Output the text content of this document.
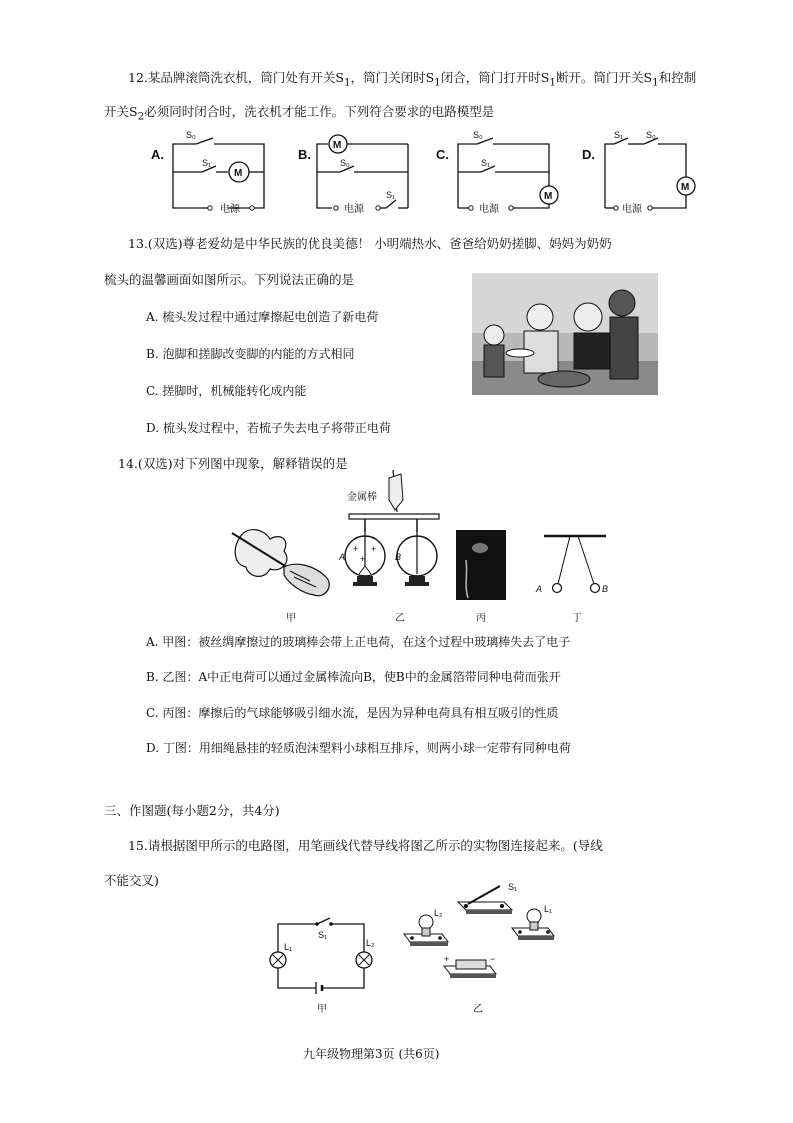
12.某品牌滚筒洗衣机，筒门处有开关$S_1$，筒门关闭时$S_1$闭合，筒门打开时$S_1$断开。筒门开关$S_1$和控制
开关$S_2$必须同时闭合时，洗衣机才能工作。下列符合要求的电路模型是
A.
S₀
S₁
M
电源
B.
M
S₀
电源
S₁
C.
S₀
S₁
M
电源
D.
S₁	S₀
M
电源
13.(双选)尊老爱幼是中华民族的优良美德！ 小明端热水、爸爸给奶奶搓脚、妈妈为奶奶
梳头的温馨画面如图所示。下列说法正确的是
A. 梳头发过程中通过摩擦起电创造了新电荷
B. 泡脚和搓脚改变脚的内能的方式相同
C. 搓脚时，机械能转化成内能
D. 梳头发过程中，若梳子失去电子将带正电荷
14.(双选)对下列图中现象，解释错误的是
甲
金属棒
+ +
+
A	B
乙	丙
A	B
丁
A. 甲图：被丝绸摩擦过的玻璃棒会带上正电荷，在这个过程中玻璃棒失去了电子
B. 乙图：A中正电荷可以通过金属棒流向B，使B中的金属箔带同种电荷而张开
C. 丙图：摩擦后的气球能够吸引细水流，是因为异种电荷具有相互吸引的性质
D. 丁图：用细绳悬挂的轻质泡沫塑料小球相互排斥，则两小球一定带有同种电荷
三、作图题(每小题2分，共4分)
15.请根据图甲所示的电路图，用笔画线代替导线将图乙所示的实物图连接起来。(导线
不能交叉)
S₁
L₁	L₂
甲
S₁
L₂	L₁
+	−
乙
九年级物理第3页 (共6页)
